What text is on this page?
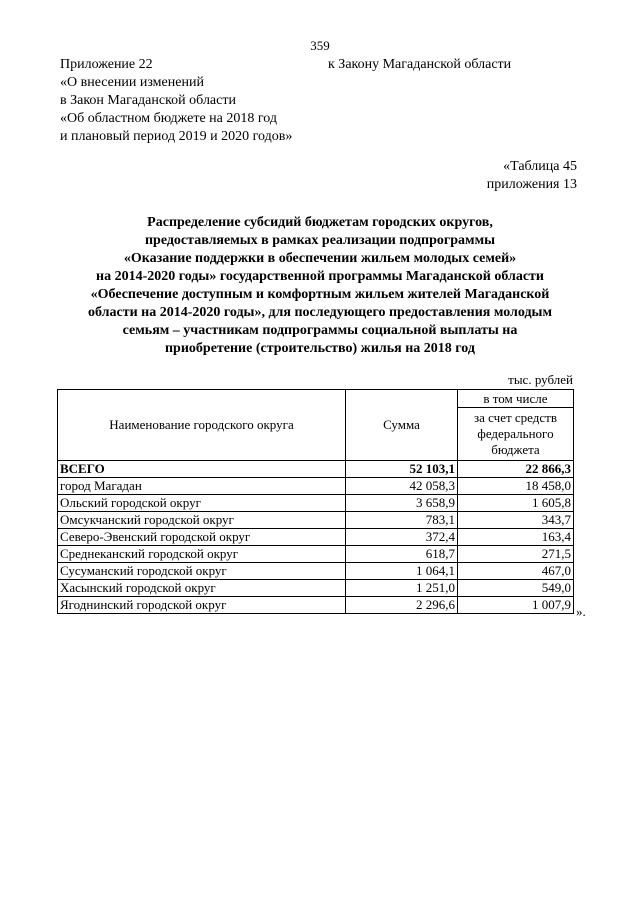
359
Приложение 22
«О внесении изменений
в Закон Магаданской области
«Об областном бюджете на 2018 год
и плановый период 2019 и 2020 годов»
к Закону Магаданской области
«Таблица 45
приложения 13
Распределение субсидий бюджетам городских округов,
предоставляемых в рамках реализации подпрограммы
«Оказание поддержки в обеспечении жильем молодых семей»
на 2014-2020 годы» государственной программы Магаданской области
«Обеспечение доступным и комфортным жильем жителей Магаданской
области на 2014-2020 годы», для последующего предоставления молодым
семьям – участникам подпрограммы социальной выплаты на
приобретение (строительство) жилья на 2018 год
тыс. рублей
Наименование городского округа	Сумма	в том числе
		за счет средств федерального бюджета
ВСЕГО	52 103,1	22 866,3
город Магадан	42 058,3	18 458,0
Ольский городской округ	3 658,9	1 605,8
Омсукчанский городской округ	783,1	343,7
Северо-Эвенский городской округ	372,4	163,4
Среднеканский городской округ	618,7	271,5
Сусуманский городской округ	1 064,1	467,0
Хасынский городской округ	1 251,0	549,0
Ягоднинский городской округ	2 296,6	1 007,9 ».
